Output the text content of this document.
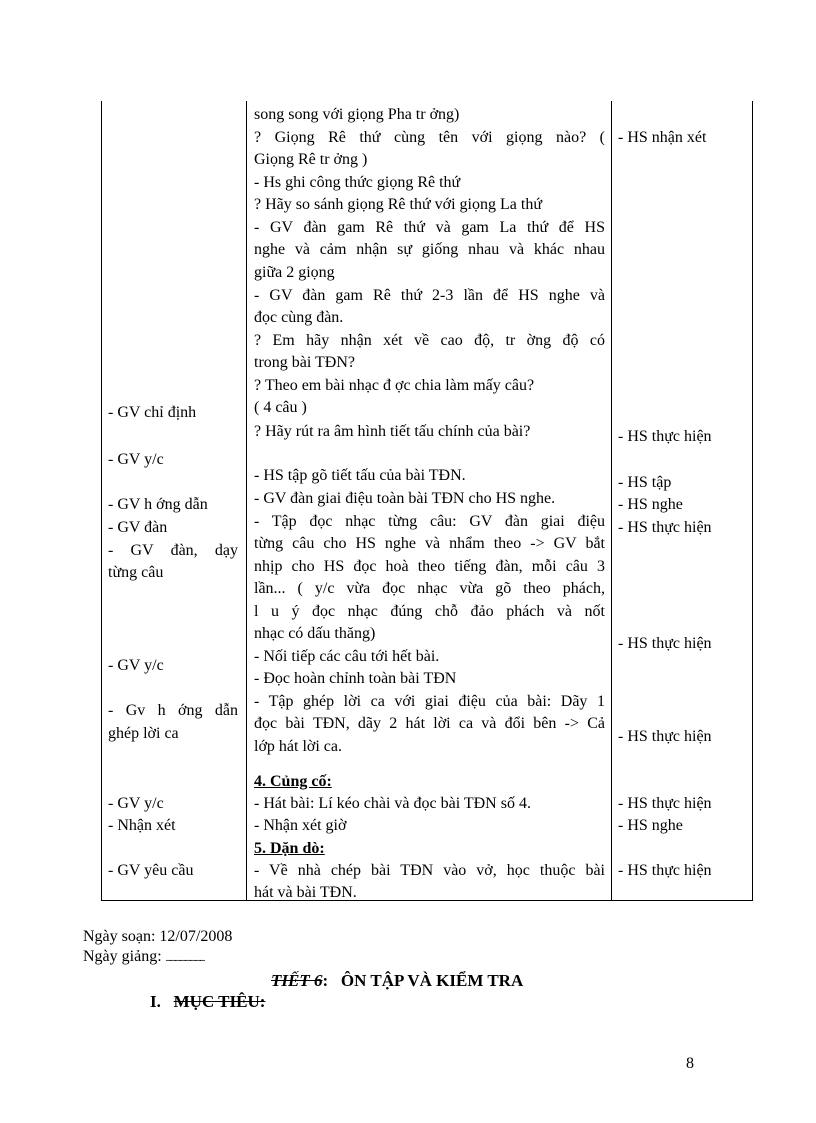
- GV chỉ định
- GV y/c
- GV h ớng dẫn
- GV đàn
- GV đàn, dạy
từng câu
- GV y/c
- Gv h ớng dẫn
ghép lời ca
- GV y/c
- Nhận xét
- GV yêu cầu
song song với giọng Pha tr ởng)
? Giọng Rê thứ cùng tên với giọng nào? (
Giọng Rê tr ởng )
- Hs ghi công thức giọng Rê thứ
? Hãy so sánh giọng Rê thứ với giọng La thứ
- GV đàn gam Rê thứ và gam La thứ để HS
nghe và cảm nhận sự giống nhau và khác nhau
giữa 2 giọng
- GV đàn gam Rê thứ 2-3 lần để HS nghe và
đọc cùng đàn.
? Em hãy nhận xét về cao độ, tr ờng độ có
trong bài TĐN?
? Theo em bài nhạc đ ợc chia làm mấy câu?
( 4 câu )
? Hãy rút ra âm hình tiết tấu chính của bài?
- HS tập gõ tiết tấu của bài TĐN.
- GV đàn giai điệu toàn bài TĐN cho HS nghe.
- Tập đọc nhạc từng câu: GV đàn giai điệu
từng câu cho HS nghe và nhẩm theo -> GV bắt
nhịp cho HS đọc hoà theo tiếng đàn, mỗi câu 3
lần... ( y/c vừa đọc nhạc vừa gõ theo phách,
l u ý đọc nhạc đúng chỗ đảo phách và nốt
nhạc có dấu thăng)
- Nối tiếp các câu tới hết bài.
- Đọc hoàn chỉnh toàn bài TĐN
- Tập ghép lời ca với giai điệu của bài: Dãy 1
đọc bài TĐN, dãy 2 hát lời ca và đổi bên -> Cả
lớp hát lời ca.
4. Củng cố:
- Hát bài: Lí kéo chài và đọc bài TĐN số 4.
- Nhận xét giờ
5. Dặn dò:
- Về nhà chép bài TĐN vào vở, học thuộc bài
hát và bài TĐN.
- HS nhận xét
- HS thực hiện
- HS tập
- HS nghe
- HS thực hiện
- HS thực hiện
- HS thực hiện
- HS thực hiện
- HS nghe
- HS thực hiện
Ngày soạn: 12/07/2008
Ngày giảng: ...............................
TIẾT 6: ÔN TẬP VÀ KIỂM TRA
I. MỤC TIÊU:
8
